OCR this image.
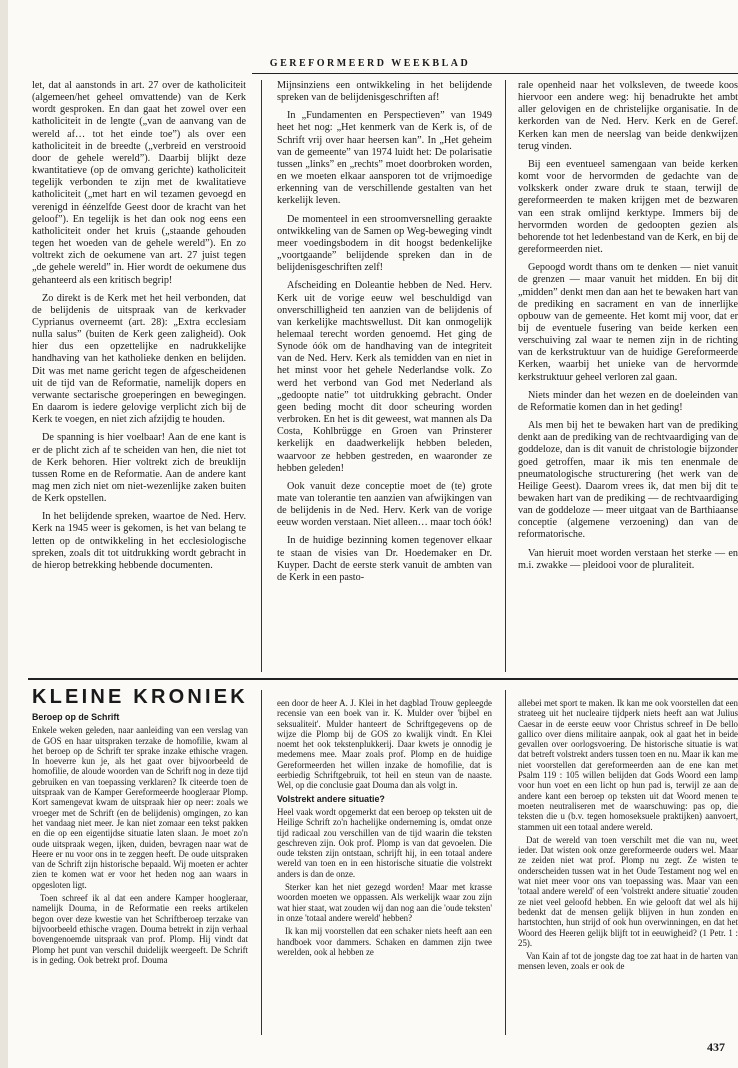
GEREFORMEERD WEEKBLAD

let, dat al aanstonds in art. 27 over de katholiciteit (algemeen/het geheel omvattende) van de Kerk wordt gesproken. En dan gaat het zowel over een katholiciteit in de lengte („van de aanvang van de wereld af… tot het einde toe”) als over een katholiciteit in de breedte („verbreid en verstrooid door de gehele wereld”). Daarbij blijkt deze kwantitatieve (op de omvang gerichte) katholiciteit tegelijk verbonden te zijn met de kwalitatieve katholiciteit („met hart en wil tezamen gevoegd en verenigd in éénzelfde Geest door de kracht van het geloof”). En tegelijk is het dan ook nog eens een katholiciteit onder het kruis („staande gehouden tegen het woeden van de gehele wereld”). En zo voltrekt zich de oekumene van art. 27 juist tegen „de gehele wereld” in. Hier wordt de oekumene dus gehanteerd als een kritisch begrip!

Zo direkt is de Kerk met het heil verbonden, dat de belijdenis de uitspraak van de kerkvader Cyprianus overneemt (art. 28): „Extra ecclesiam nulla salus” (buiten de Kerk geen zaligheid). Ook hier dus een opzettelijke en nadrukkelijke handhaving van het katholieke denken en belijden. Dit was met name gericht tegen de afgescheidenen uit de tijd van de Reformatie, namelijk dopers en verwante sectarische groeperingen en bewegingen. En daarom is iedere gelovige verplicht zich bij de Kerk te voegen, en niet zich afzijdig te houden.

De spanning is hier voelbaar! Aan de ene kant is er de plicht zich af te scheiden van hen, die niet tot de Kerk behoren. Hier voltrekt zich de breuklijn tussen Rome en de Reformatie. Aan de andere kant mag men zich niet om niet-wezenlijke zaken buiten de Kerk opstellen.

In het belijdende spreken, waartoe de Ned. Herv. Kerk na 1945 weer is gekomen, is het van belang te letten op de ontwikkeling in het ecclesiologische spreken, zoals dit tot uitdrukking wordt gebracht in de hierop betrekking hebbende documenten.

Mijnsinziens een ontwikkeling in het belijdende spreken van de belijdenisgeschriften af!

In „Fundamenten en Perspectieven” van 1949 heet het nog: „Het kenmerk van de Kerk is, of de Schrift vrij over haar heersen kan”. In „Het geheim van de gemeente” van 1974 luidt het: De polarisatie tussen „links” en „rechts” moet doorbroken worden, en we moeten elkaar aansporen tot de vrijmoedige erkenning van de verschillende gestalten van het kerkelijk leven.

De momenteel in een stroomversnelling geraakte ontwikkeling van de Samen op Weg-beweging vindt meer voedingsbodem in dit hoogst bedenkelijke „voortgaande” belijdende spreken dan in de belijdenisgeschriften zelf!

Afscheiding en Doleantie hebben de Ned. Herv. Kerk uit de vorige eeuw wel beschuldigd van onverschilligheid ten aanzien van de belijdenis of van kerkelijke machtswellust. Dit kan onmogelijk helemaal terecht worden genoemd. Het ging de Synode óók om de handhaving van de integriteit van de Ned. Herv. Kerk als temidden van en niet in het minst voor het gehele Nederlandse volk. Zo werd het verbond van God met Nederland als „gedoopte natie” tot uitdrukking gebracht. Onder geen beding mocht dit door scheuring worden verbroken. En het is dit geweest, wat mannen als Da Costa, Kohlbrügge en Groen van Prinsterer kerkelijk en daadwerkelijk hebben beleden, waarvoor ze hebben gestreden, en waaronder ze hebben geleden!

Ook vanuit deze conceptie moet de (te) grote mate van tolerantie ten aanzien van afwijkingen van de belijdenis in de Ned. Herv. Kerk van de vorige eeuw worden verstaan. Niet alleen… maar toch óók!

In de huidige bezinning komen tegenover elkaar te staan de visies van Dr. Hoedemaker en Dr. Kuyper. Dacht de eerste sterk vanuit de ambten van de Kerk in een pasto-

rale openheid naar het volksleven, de tweede koos hiervoor een andere weg: hij benadrukte het ambt aller gelovigen en de christelijke organisatie. In de kerkorden van de Ned. Herv. Kerk en de Geref. Kerken kan men de neerslag van beide denkwijzen terug vinden.

Bij een eventueel samengaan van beide kerken komt voor de hervormden de gedachte van de volkskerk onder zware druk te staan, terwijl de gereformeerden te maken krijgen met de bezwaren van een strak omlijnd kerktype. Immers bij de hervormden worden de gedoopten gezien als behorende tot het ledenbestand van de Kerk, en bij de gereformeerden niet.

Gepoogd wordt thans om te denken — niet vanuit de grenzen — maar vanuit het midden. En bij dit „midden” denkt men dan aan het te bewaken hart van de prediking en sacrament en van de innerlijke opbouw van de gemeente. Het komt mij voor, dat er bij de eventuele fusering van beide kerken een verschuiving zal waar te nemen zijn in de richting van de kerkstruktuur van de huidige Gereformeerde Kerken, waarbij het unieke van de hervormde kerkstruktuur geheel verloren zal gaan.

Niets minder dan het wezen en de doeleinden van de Reformatie komen dan in het geding!

Als men bij het te bewaken hart van de prediking denkt aan de prediking van de rechtvaardiging van de goddeloze, dan is dit vanuit de christologie bijzonder goed getroffen, maar ik mis ten enenmale de pneumatologische structurering (het werk van de Heilige Geest). Daarom vrees ik, dat men bij dit te bewaken hart van de prediking — de rechtvaardiging van de goddeloze — meer uitgaat van de Barthiaanse conceptie (algemene verzoening) dan van de reformatorische.

Van hieruit moet worden verstaan het sterke — en m.i. zwakke — pleidooi voor de pluraliteit.

KLEINE KRONIEK
Beroep op de Schrift

Enkele weken geleden, naar aanleiding van een verslag van de GOS en haar uitspraken terzake de homofilie, kwam al het beroep op de Schrift ter sprake inzake ethische vragen. In hoeverre kun je, als het gaat over bijvoorbeeld de homofilie, de aloude woorden van de Schrift nog in deze tijd gebruiken en van toepassing verklaren? Ik citeerde toen de uitspraak van de Kamper Gereformeerde hoogleraar Plomp. Kort samengevat kwam de uitspraak hier op neer: zoals we vroeger met de Schrift (en de belijdenis) omgingen, zo kan het vandaag niet meer. Je kan niet zomaar een tekst pakken en die op een eigentijdse situatie laten slaan. Je moet zo'n oude uitspraak wegen, ijken, duiden, bevragen naar wat de Heere er nu voor ons in te zeggen heeft. De oude uitspraken van de Schrift zijn historische bepaald. Wij moeten er achter zien te komen wat er voor het heden nog aan waars in opgesloten ligt.

Toen schreef ik al dat een andere Kamper hoogleraar, namelijk Douma, in de Reformatie een reeks artikelen begon over deze kwestie van het Schriftberoep terzake van bijvoorbeeld ethische vragen. Douma betrekt in zijn verhaal bovengenoemde uitspraak van prof. Plomp. Hij vindt dat Plomp het punt van verschil duidelijk weergeeft. De Schrift is in geding. Ook betrekt prof. Douma

een door de heer A. J. Klei in het dagblad Trouw gepleegde recensie van een boek van ir. K. Mulder over 'bijbel en seksualiteit'. Mulder hanteert de Schriftgegevens op de wijze die Plomp bij de GOS zo kwalijk vindt. En Klei noemt het ook tekstenplukkerij. Daar kwets je onnodig je medemens mee. Maar zoals prof. Plomp en de huidige Gereformeerden het willen inzake de homofilie, dat is eerbiedig Schriftgebruik, tot heil en steun van de naaste. Wel, op die conclusie gaat Douma dan als volgt in.

Volstrekt andere situatie?

Heel vaak wordt opgemerkt dat een beroep op teksten uit de Heilige Schrift zo'n hachelijke onderneming is, omdat onze tijd radicaal zou verschillen van de tijd waarin die teksten geschreven zijn. Ook prof. Plomp is van dat gevoelen. Die oude teksten zijn ontstaan, schrijft hij, in een totaal andere wereld van toen en in een historische situatie die volstrekt anders is dan de onze.

Sterker kan het niet gezegd worden! Maar met krasse woorden moeten we oppassen. Als werkelijk waar zou zijn wat hier staat, wat zouden wij dan nog aan die 'oude teksten' in onze 'totaal andere wereld' hebben?

Ik kan mij voorstellen dat een schaker niets heeft aan een handboek voor dammers. Schaken en dammen zijn twee werelden, ook al hebben ze

allebei met sport te maken. Ik kan me ook voorstellen dat een strateeg uit het nucleaire tijdperk niets heeft aan wat Julius Caesar in de eerste eeuw voor Christus schreef in De bello gallico over diens militaire aanpak, ook al gaat het in beide gevallen over oorlogsvoering. De historische situatie is wat dat betreft volstrekt anders tussen toen en nu. Maar ik kan me niet voorstellen dat gereformeerden aan de ene kan met Psalm 119 : 105 willen belijden dat Gods Woord een lamp voor hun voet en een licht op hun pad is, terwijl ze aan de andere kant een beroep op teksten uit dat Woord menen te moeten neutraliseren met de waarschuwing: pas op, die teksten die u (b.v. tegen homoseksuele praktijken) aanvoert, stammen uit een totaal andere wereld.

Dat de wereld van toen verschilt met die van nu, weet ieder. Dat wisten ook onze gereformeerde ouders wel. Maar ze zeiden niet wat prof. Plomp nu zegt. Ze wisten te onderscheiden tussen wat in het Oude Testament nog wel en wat niet meer voor ons van toepassing was. Maar van een 'totaal andere wereld' of een 'volstrekt andere situatie' zouden ze niet veel geloofd hebben. En wie gelooft dat wel als hij bedenkt dat de mensen gelijk blijven in hun zonden en hartstochten, hun strijd of ook hun overwinningen, en dat het Woord des Heeren gelijk blijft tot in eeuwigheid? (1 Petr. 1 : 25).

Van Kain af tot de jongste dag toe zat haat in de harten van mensen leven, zoals er ook de

437
